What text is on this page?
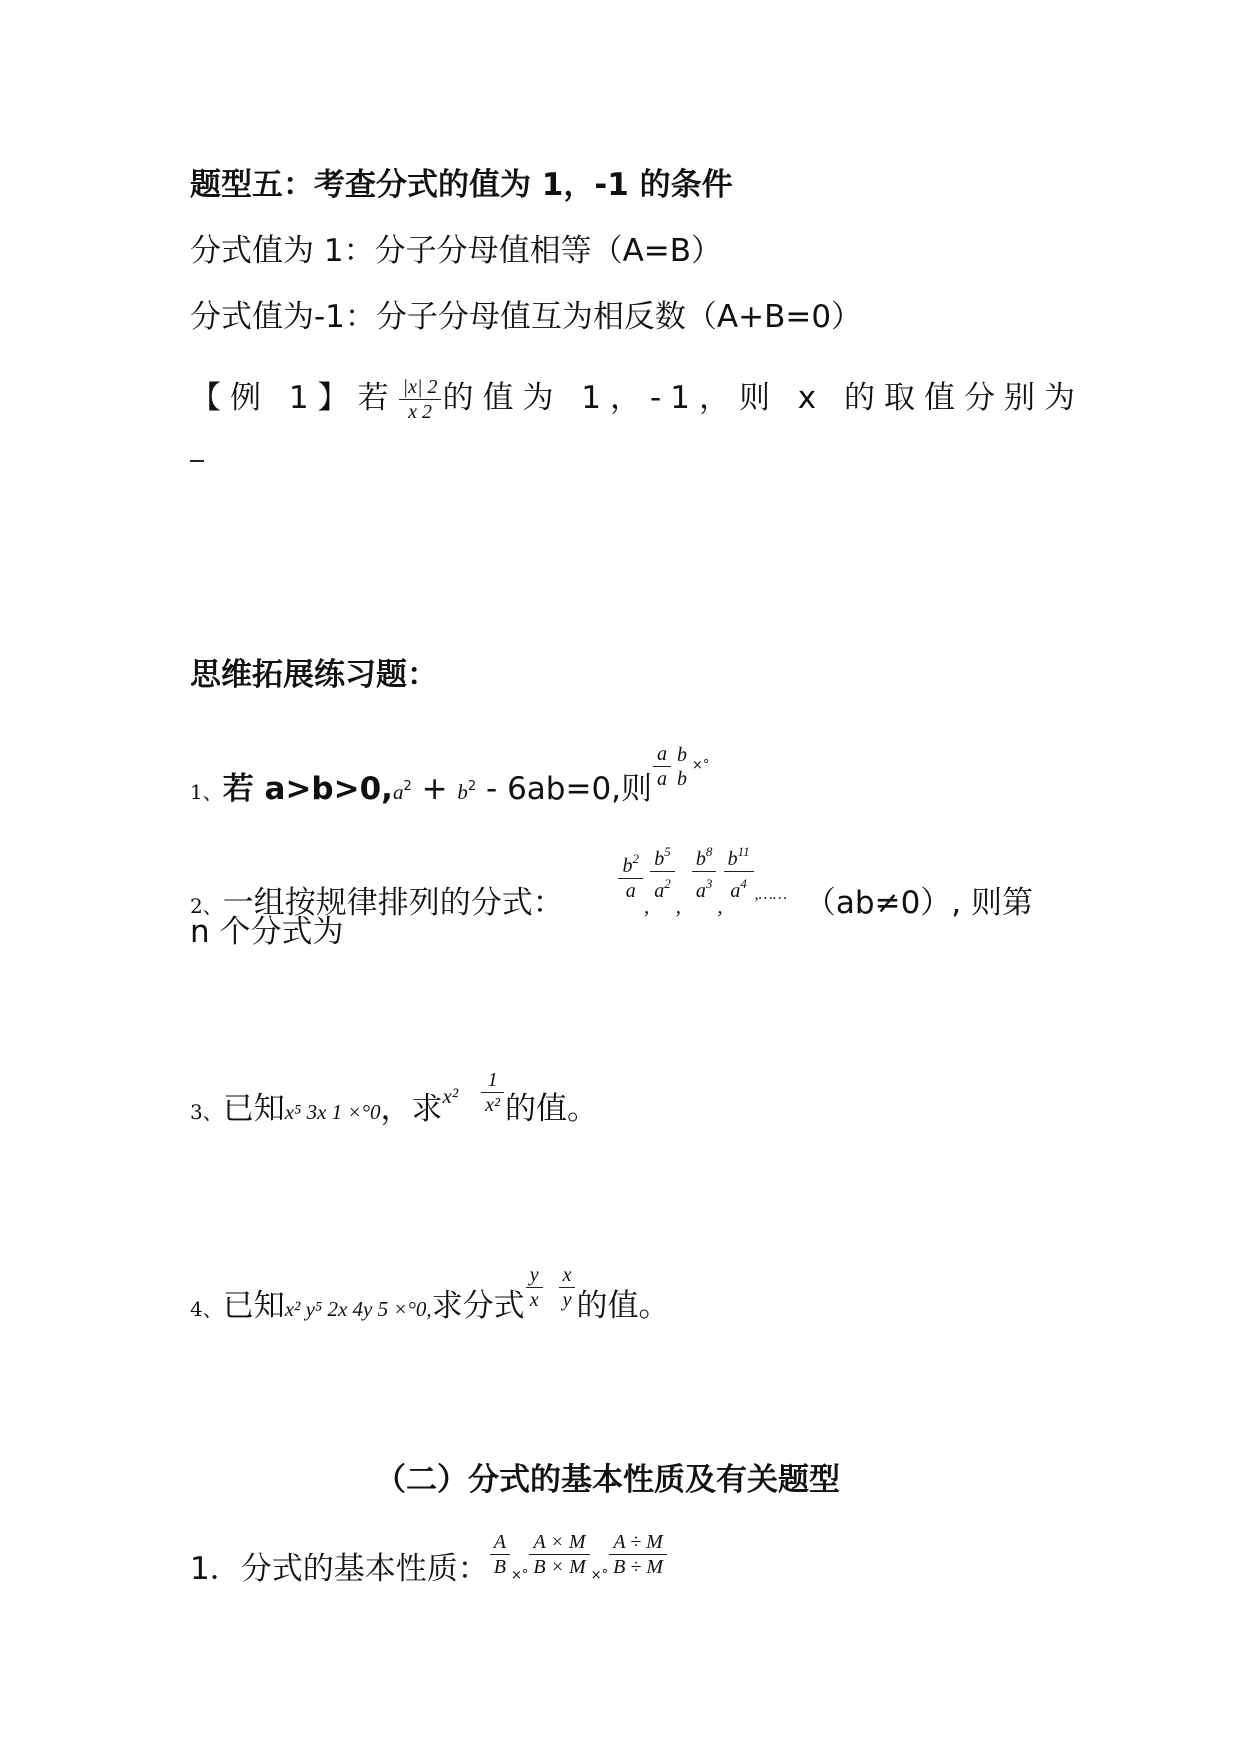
题型五：考查分式的值为 1，-1 的条件
分式值为 1：分子分母值相等（A=B）
分式值为-1：分子分母值互为相反数（A+B=0）
【例 1】若 $\frac{|x| 2}{x 2}$ 的值为 1，-1，则 x 的取值分别为
思维拓展练习题：
1、若 $a>b>0,a^2 + b^2 - 6ab=0$,则 $\frac{a}{a}$ b
b
×°
2、一组按规律排列的分式：	$\frac{b^2}{a}$
,
$\frac{b^5}{a^2}$
,
$\frac{b^8}{a^3}$
,
$\frac{b^{11}}{a^4} ^{,\dots\dots}$ （ab≠0）, 则第
n 个分式为
3、已知x⁵ 3x 1 ×°0，求$^{x^2} \frac{1}{\text{x²}}$ 的值。
4、已知x² y⁵ 2x 4y 5 ×°0,求分式 $\frac{y}{x} \frac{x}{y}$ 的值。
（二）分式的基本性质及有关题型
1．分式的基本性质： $\frac{A}{B}$ ×° $\frac{A \times M}{B \times M}$ ×° $\frac{A \div M}{B \div M}$
